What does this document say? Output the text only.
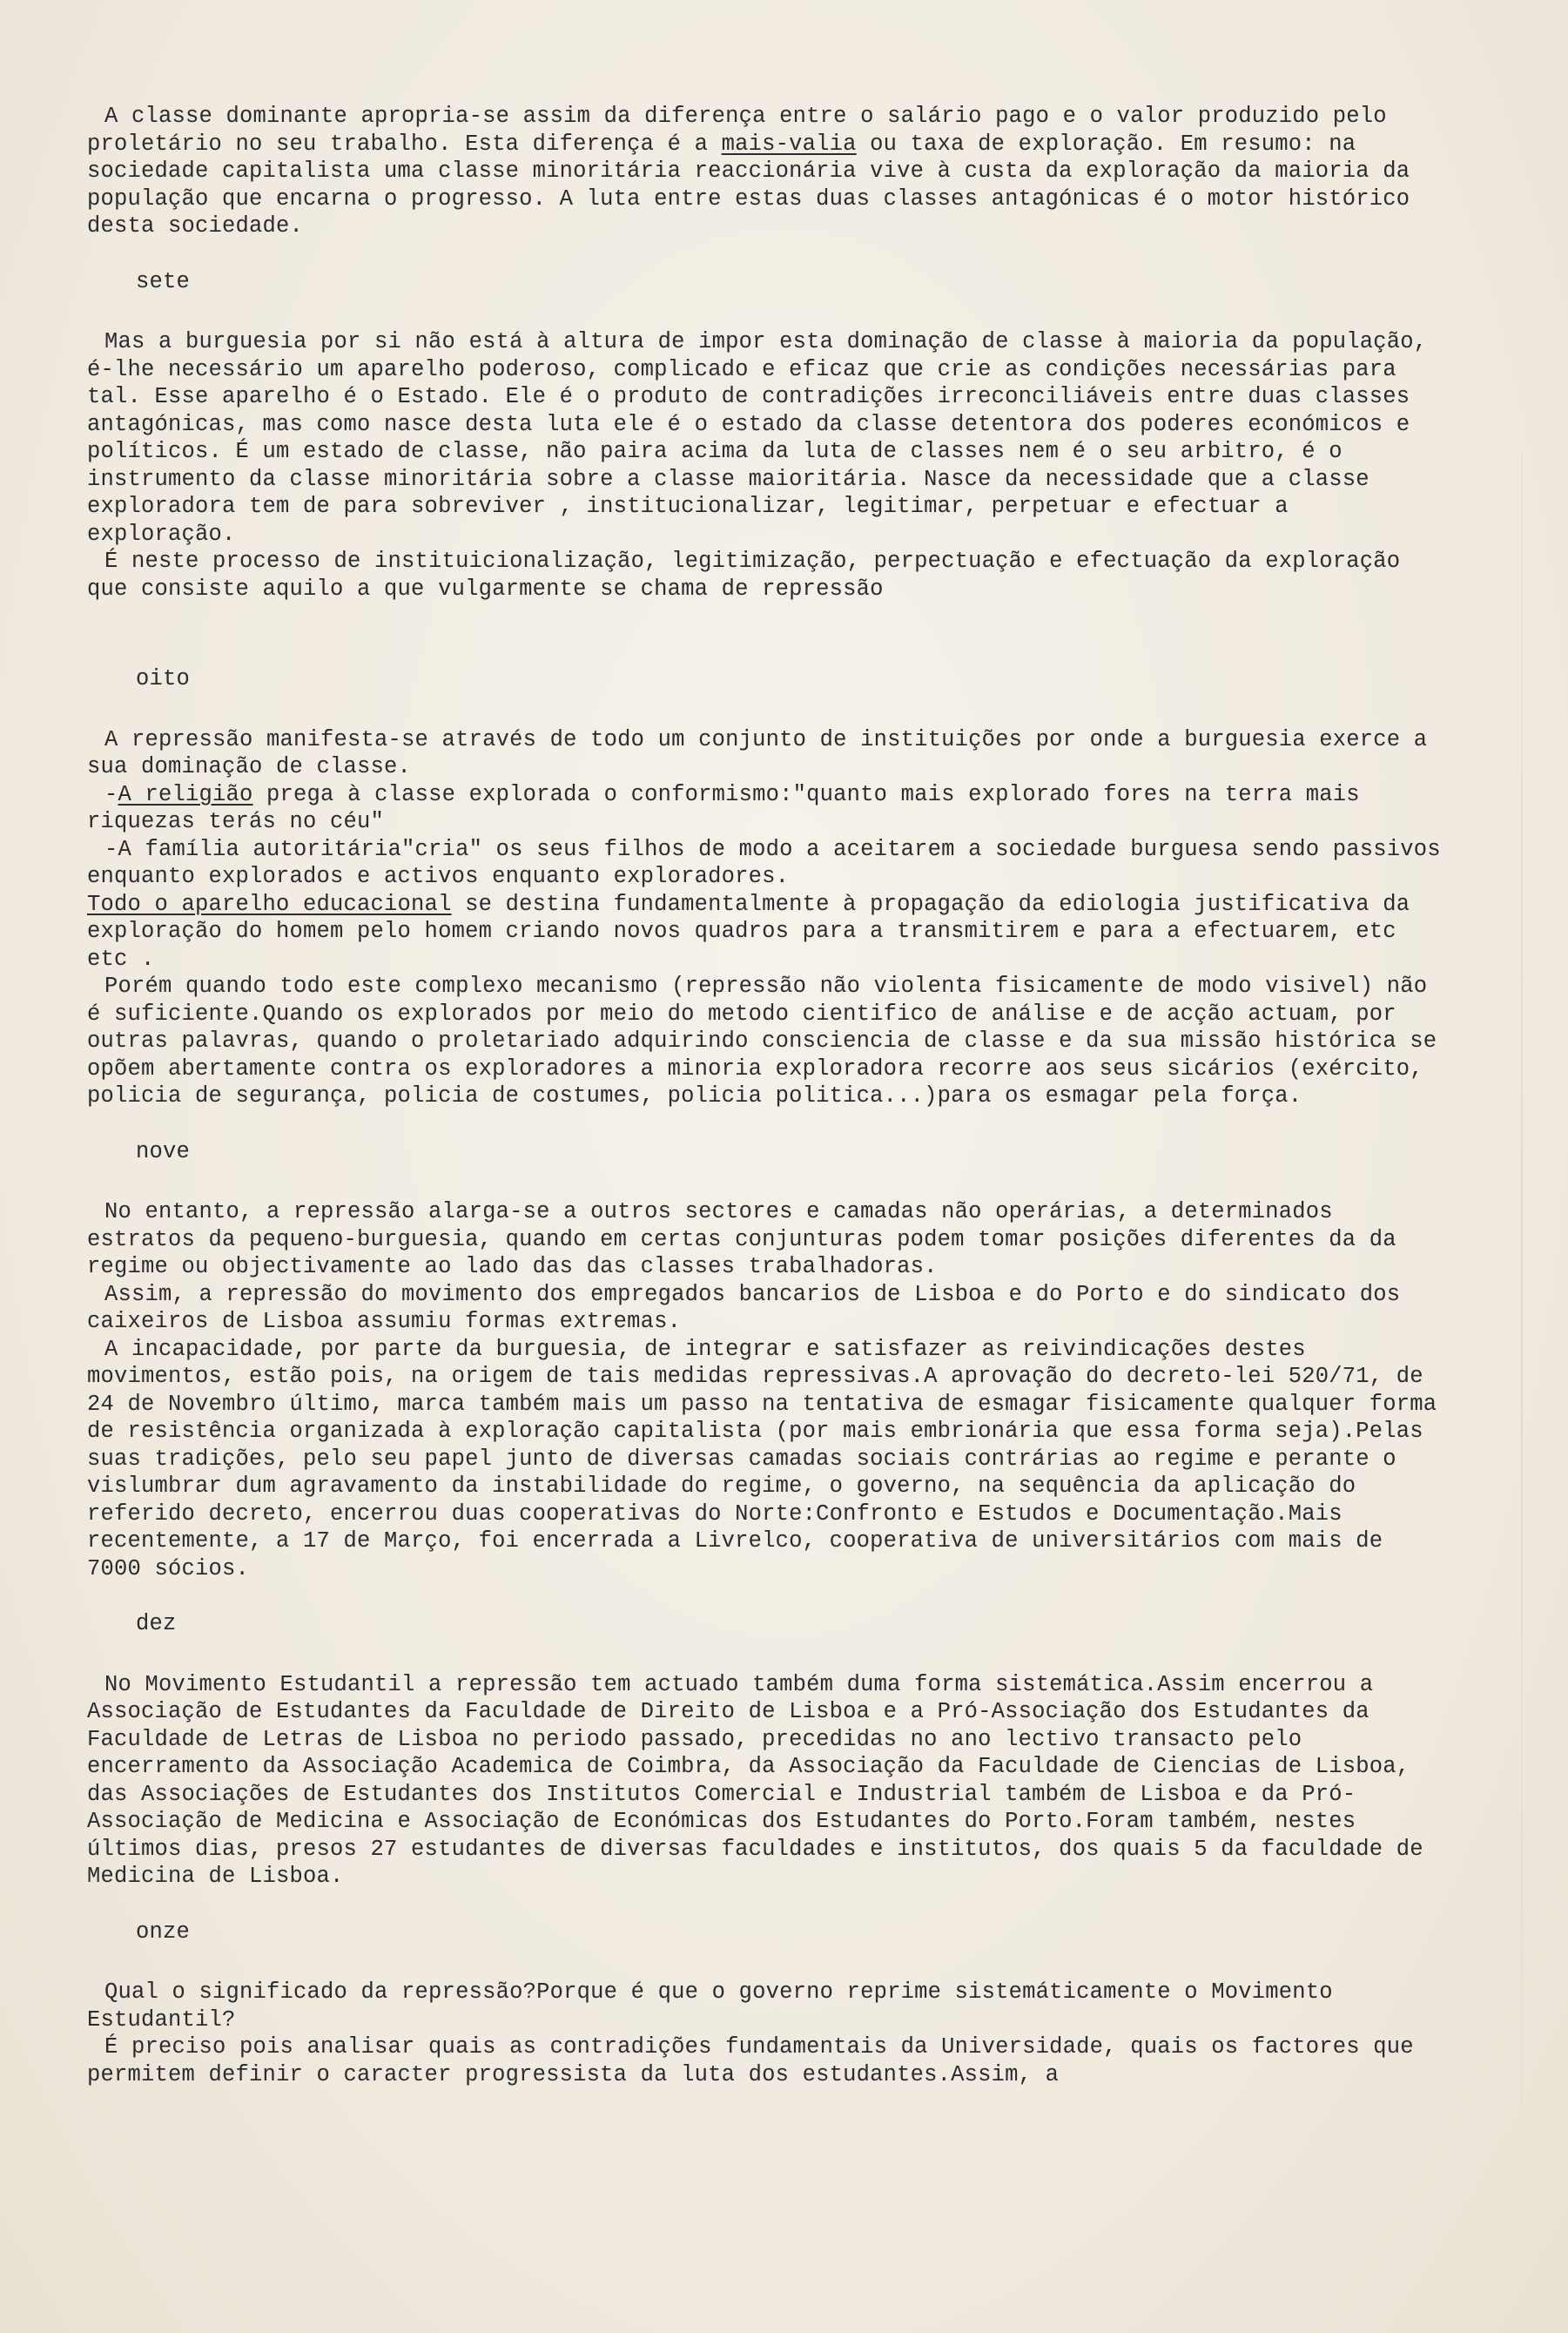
A classe dominante apropria-se assim da diferença entre o salário pago e o valor produzido pelo proletário no seu trabalho. Esta diferença é a mais-valia ou taxa de exploração. Em resumo: na sociedade capitalista uma classe minoritária reaccionária vive à custa da exploração da maioria da população que encarna o progresso. A luta entre estas duas classes antagónicas é o motor histórico desta sociedade.

sete

Mas a burguesia por si não está à altura de impor esta dominação de classe à maioria da população, é-lhe necessário um aparelho poderoso, complicado e eficaz que crie as condições necessárias para tal. Esse aparelho é o Estado. Ele é o produto de contradições irreconciliáveis entre duas classes antagónicas, mas como nasce desta luta ele é o estado da classe detentora dos poderes económicos e políticos. É um estado de classe, não paira acima da luta de classes nem é o seu arbitro, é o instrumento da classe minoritária sobre a classe maioritária. Nasce da necessidade que a classe exploradora tem de para sobreviver , institucionalizar, legitimar, perpetuar e efectuar a exploração.

É neste processo de instituicionalização, legitimização, perpectuação e efectuação da exploração que consiste aquilo a que vulgarmente se chama de repressão

oito

A repressão manifesta-se através de todo um conjunto de instituições por onde a burguesia exerce a sua dominação de classe.

-A religião prega à classe explorada o conformismo:"quanto mais explorado fores na terra mais riquezas terás no céu"

-A família autoritária"cria" os seus filhos de modo a aceitarem a sociedade burguesa sendo passivos enquanto explorados e activos enquanto exploradores.

Todo o aparelho educacional se destina fundamentalmente à propagação da ediologia justificativa da exploração do homem pelo homem criando novos quadros para a transmitirem e para a efectuarem, etc etc .

Porém quando todo este complexo mecanismo (repressão não violenta fisicamente de modo visivel) não é suficiente.Quando os explorados por meio do metodo cientifico de análise e de acção actuam, por outras palavras, quando o proletariado adquirindo consciencia de classe e da sua missão histórica se opõem abertamente contra os exploradores a minoria exploradora recorre aos seus sicários (exército, policia de segurança, policia de costumes, policia politica...)para os esmagar pela força.

nove

No entanto, a repressão alarga-se a outros sectores e camadas não operárias, a determinados estratos da pequeno-burguesia, quando em certas conjunturas podem tomar posições diferentes da da regime ou objectivamente ao lado das das classes trabalhadoras.

Assim, a repressão do movimento dos empregados bancarios de Lisboa e do Porto e do sindicato dos caixeiros de Lisboa assumiu formas extremas.

A incapacidade, por parte da burguesia, de integrar e satisfazer as reivindicações destes movimentos, estão pois, na origem de tais medidas repressivas.A aprovação do decreto-lei 520/71, de 24 de Novembro último, marca também mais um passo na tentativa de esmagar fisicamente qualquer forma de resistência organizada à exploração capitalista (por mais embrionária que essa forma seja).Pelas suas tradições, pelo seu papel junto de diversas camadas sociais contrárias ao regime e perante o vislumbrar dum agravamento da instabilidade do regime, o governo, na sequência da aplicação do referido decreto, encerrou duas cooperativas do Norte:Confronto e Estudos e Documentação.Mais recentemente, a 17 de Março, foi encerrada a Livrelco, cooperativa de universitários com mais de 7000 sócios.

dez

No Movimento Estudantil a repressão tem actuado também duma forma sistemática.Assim encerrou a Associação de Estudantes da Faculdade de Direito de Lisboa e a Pró-Associação dos Estudantes da Faculdade de Letras de Lisboa no periodo passado, precedidas no ano lectivo transacto pelo encerramento da Associação Academica de Coimbra, da Associação da Faculdade de Ciencias de Lisboa, das Associações de Estudantes dos Institutos Comercial e Industrial também de Lisboa e da Pró-Associação de Medicina e Associação de Económicas dos Estudantes do Porto.Foram também, nestes últimos dias, presos 27 estudantes de diversas faculdades e institutos, dos quais 5 da faculdade de Medicina de Lisboa.

onze

Qual o significado da repressão?Porque é que o governo reprime sistemáticamente o Movimento Estudantil?

É preciso pois analisar quais as contradições fundamentais da Universidade, quais os factores que permitem definir o caracter progressista da luta dos estudantes.Assim, a
